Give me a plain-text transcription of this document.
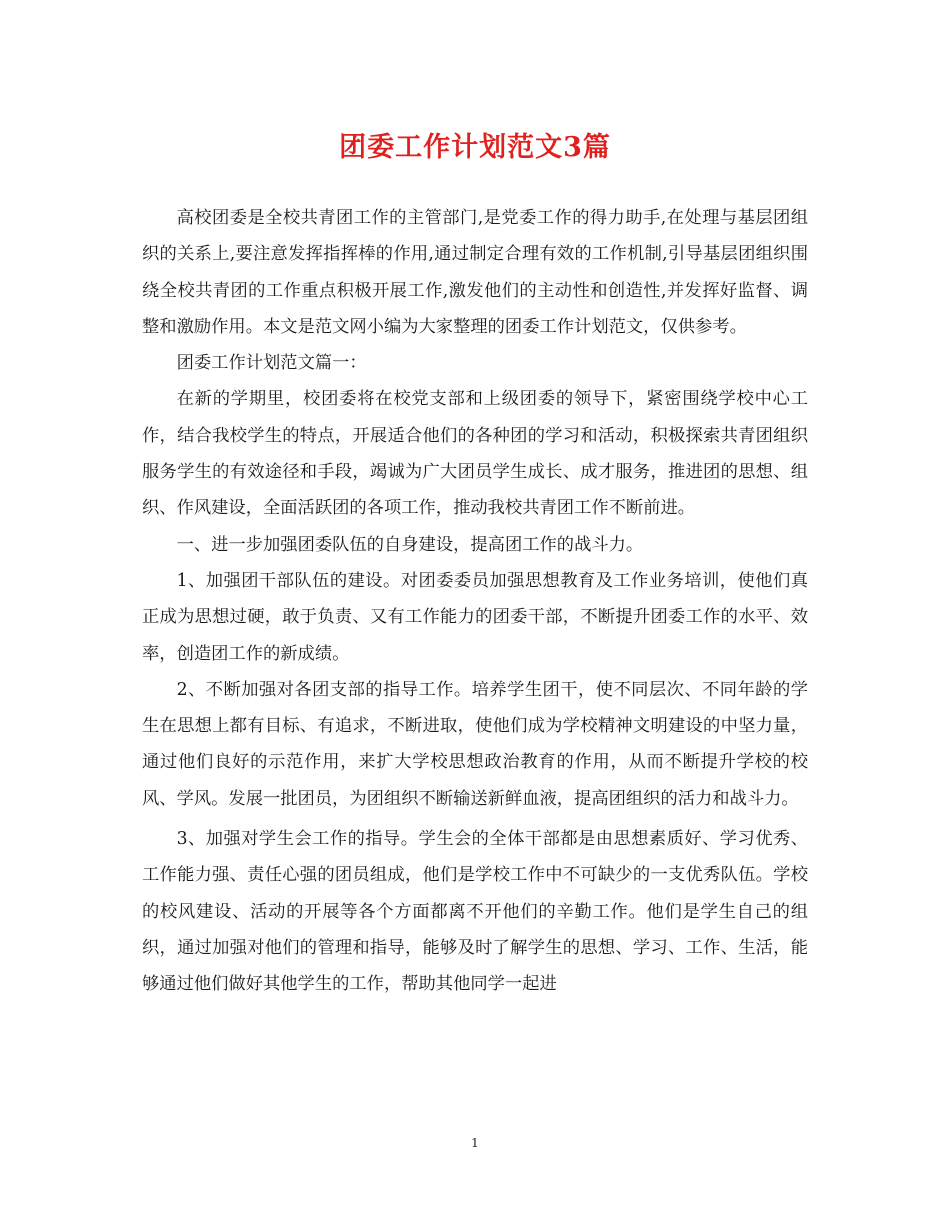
团委工作计划范文3篇

高校团委是全校共青团工作的主管部门,是党委工作的得力助手,在处理与基层团组织的关系上,要注意发挥指挥棒的作用,通过制定合理有效的工作机制,引导基层团组织围绕全校共青团的工作重点积极开展工作,激发他们的主动性和创造性,并发挥好监督、调整和激励作用。本文是范文网小编为大家整理的团委工作计划范文，仅供参考。

团委工作计划范文篇一：

在新的学期里，校团委将在校党支部和上级团委的领导下，紧密围绕学校中心工作，结合我校学生的特点，开展适合他们的各种团的学习和活动，积极探索共青团组织服务学生的有效途径和手段，竭诚为广大团员学生成长、成才服务，推进团的思想、组织、作风建设，全面活跃团的各项工作，推动我校共青团工作不断前进。

一、进一步加强团委队伍的自身建设，提高团工作的战斗力。

1、加强团干部队伍的建设。对团委委员加强思想教育及工作业务培训，使他们真正成为思想过硬，敢于负责、又有工作能力的团委干部，不断提升团委工作的水平、效率，创造团工作的新成绩。

2、不断加强对各团支部的指导工作。培养学生团干，使不同层次、不同年龄的学生在思想上都有目标、有追求，不断进取，使他们成为学校精神文明建设的中坚力量，通过他们良好的示范作用，来扩大学校思想政治教育的作用，从而不断提升学校的校风、学风。发展一批团员，为团组织不断输送新鲜血液，提高团组织的活力和战斗力。

3、加强对学生会工作的指导。学生会的全体干部都是由思想素质好、学习优秀、工作能力强、责任心强的团员组成，他们是学校工作中不可缺少的一支优秀队伍。学校的校风建设、活动的开展等各个方面都离不开他们的辛勤工作。他们是学生自己的组织，通过加强对他们的管理和指导，能够及时了解学生的思想、学习、工作、生活，能够通过他们做好其他学生的工作，帮助其他同学一起进

1
